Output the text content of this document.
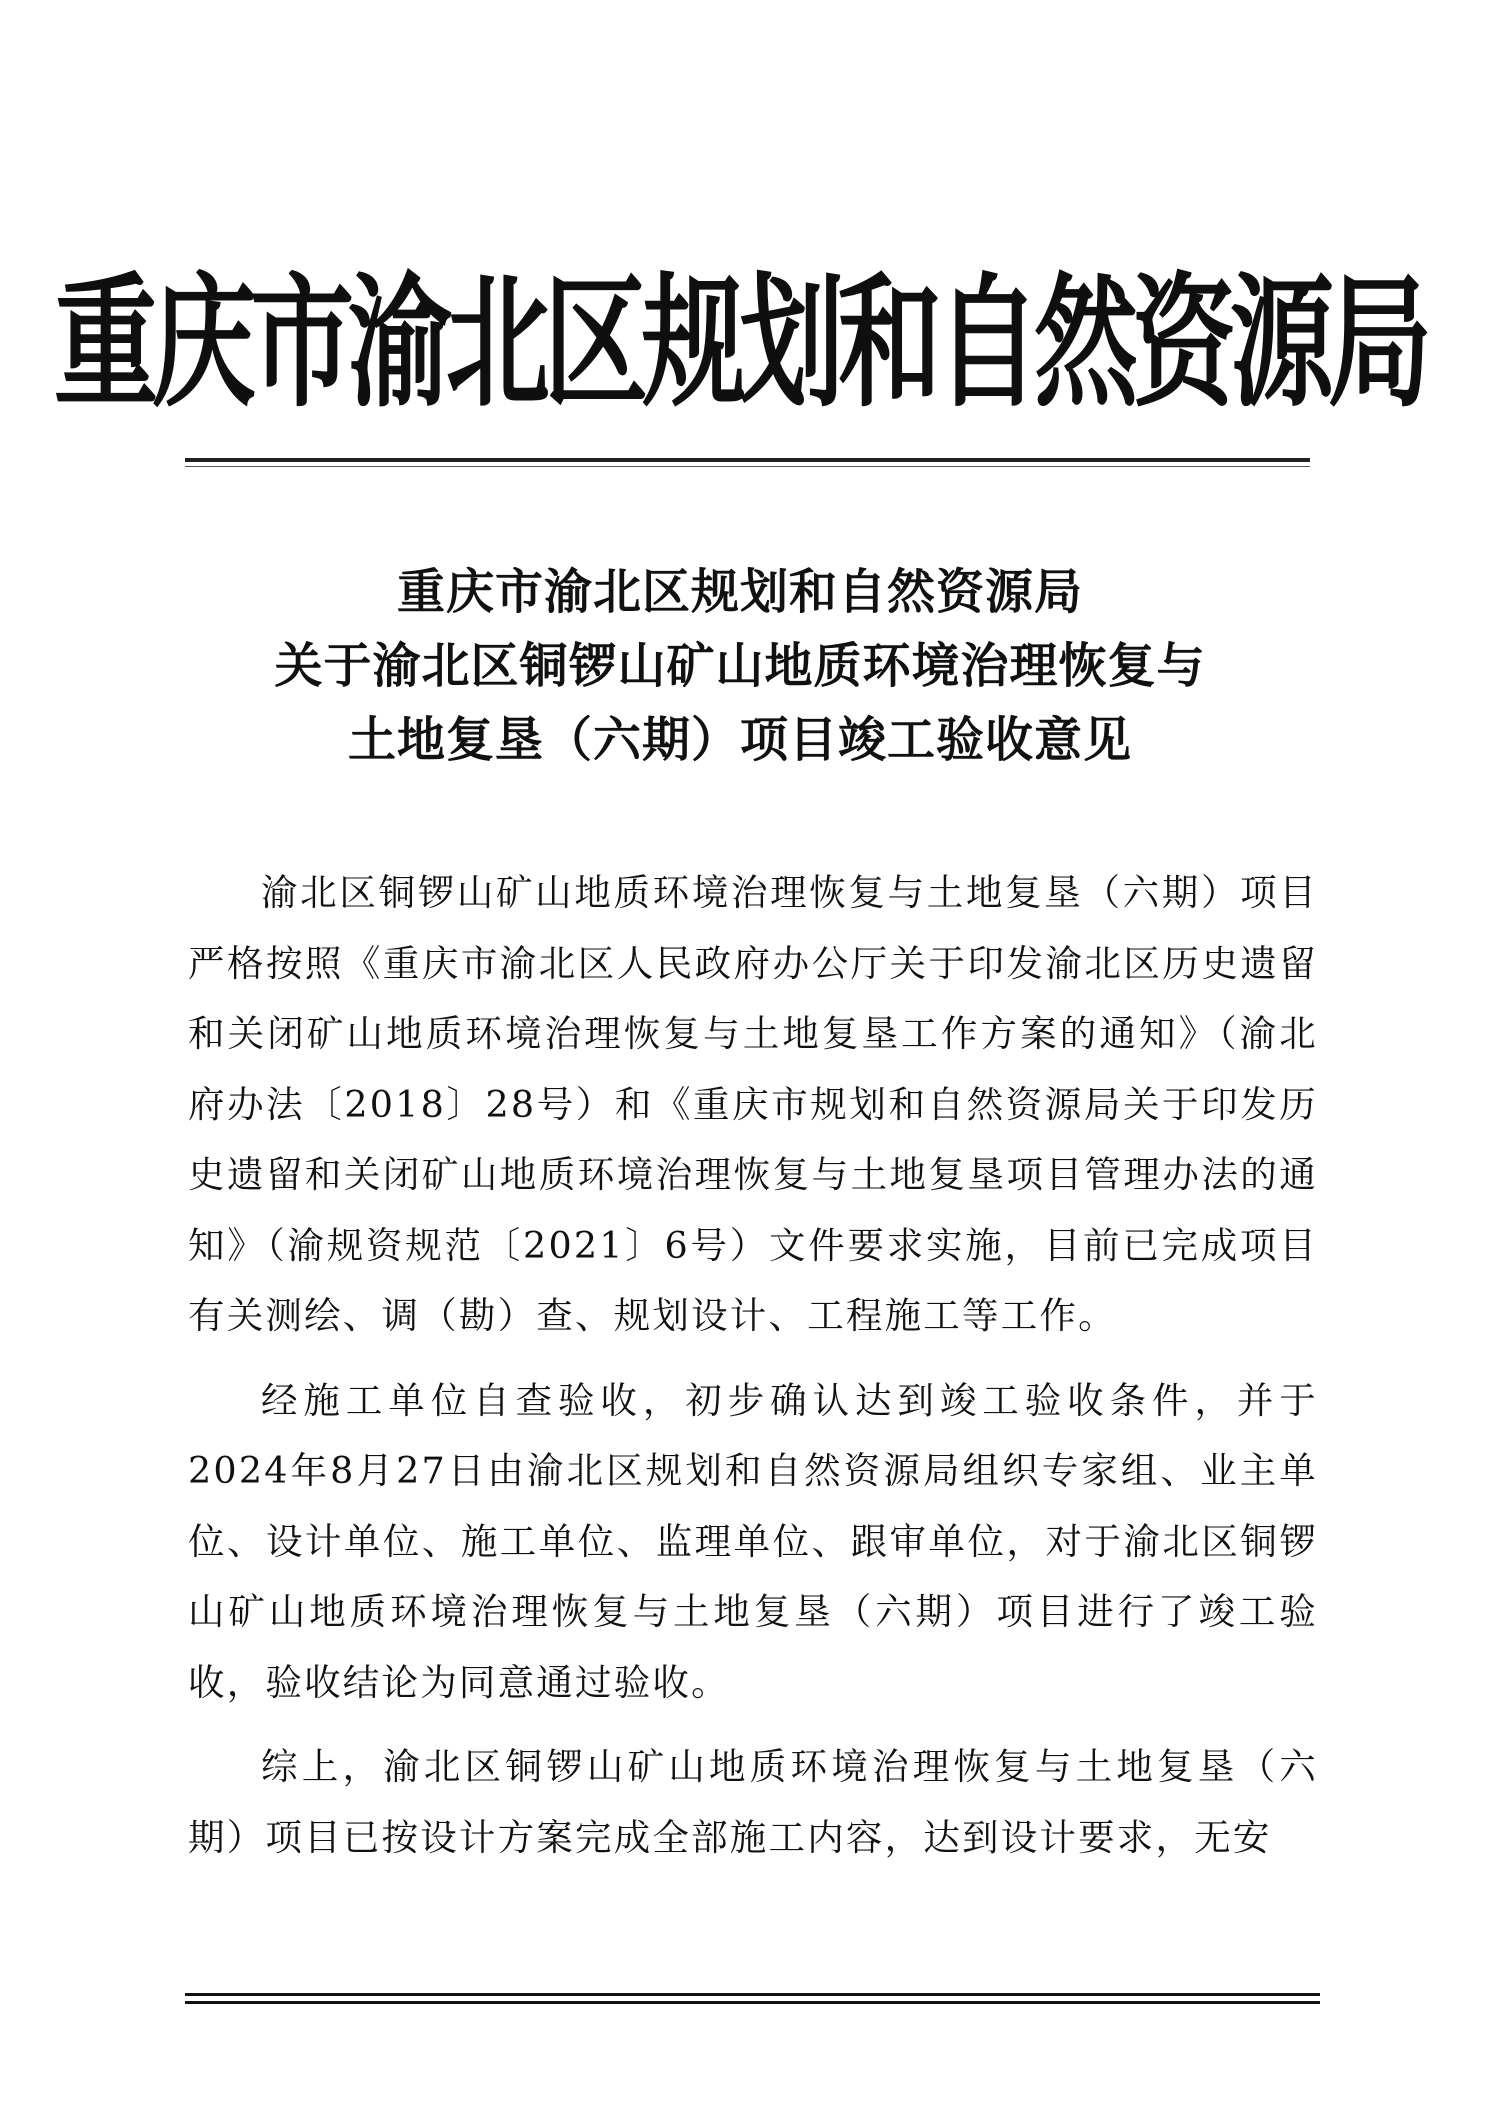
重庆市渝北区规划和自然资源局
重庆市渝北区规划和自然资源局
关于渝北区铜锣山矿山地质环境治理恢复与
土地复垦（六期）项目竣工验收意见

渝北区铜锣山矿山地质环境治理恢复与土地复垦（六期）项目严格按照《重庆市渝北区人民政府办公厅关于印发渝北区历史遗留和关闭矿山地质环境治理恢复与土地复垦工作方案的通知》（渝北府办法〔2018〕28号）和《重庆市规划和自然资源局关于印发历史遗留和关闭矿山地质环境治理恢复与土地复垦项目管理办法的通知》（渝规资规范〔2021〕6号）文件要求实施，目前已完成项目有关测绘、调（勘）查、规划设计、工程施工等工作。

经施工单位自查验收，初步确认达到竣工验收条件，并于2024年8月27日由渝北区规划和自然资源局组织专家组、业主单位、设计单位、施工单位、监理单位、跟审单位，对于渝北区铜锣山矿山地质环境治理恢复与土地复垦（六期）项目进行了竣工验收，验收结论为同意通过验收。

综上，渝北区铜锣山矿山地质环境治理恢复与土地复垦（六期）项目已按设计方案完成全部施工内容，达到设计要求，无安
